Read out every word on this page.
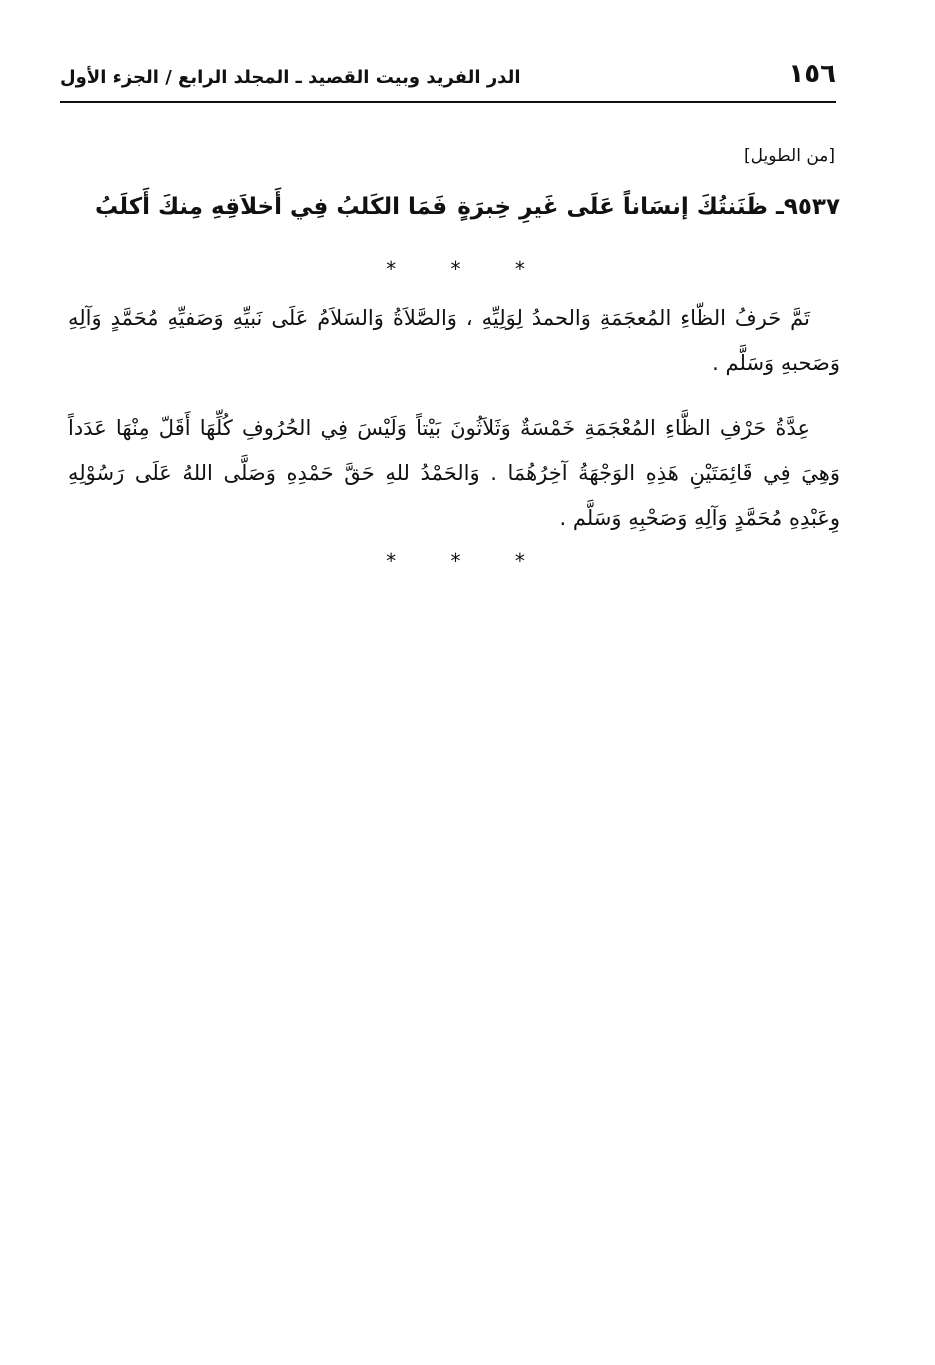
١٥٦
الدر الفريد وبيت القصيد ـ المجلد الرابع / الجزء الأول
[من الطويل]
٩٥٣٧ـ ظَنَنتُكَ إنسَاناً عَلَى غَيرِ خِبرَةٍ
فَمَا الكَلبُ فِي أَخلاَقِهِ مِنكَ أَكلَبُ
* * *
تَمَّ حَرفُ الظّاءِ المُعجَمَةِ وَالحمدُ لِوَلِيِّهِ ، وَالصَّلاَةُ وَالسَلاَمُ عَلَى نَبيِّهِ وَصَفيِّهِ مُحَمَّدٍ وَآلِهِ وَصَحبهِ وَسَلَّم .
عِدَّةُ حَرْفِ الظَّاءِ المُعْجَمَةِ خَمْسَةٌ وَثَلاَثُونَ بَيْتاً وَلَيْسَ فِي الحُرُوفِ كُلِّهَا أَقَلّ مِنْهَا عَدَداً وَهِيَ فِي قَائِمَتَيْنِ هَذِهِ الوَجْهَةُ آخِرُهُمَا . وَالحَمْدُ للهِ حَقَّ حَمْدِهِ وَصَلَّى اللهُ عَلَى رَسُوْلِهِ وِعَبْدِهِ مُحَمَّدٍ وَآلِهِ وَصَحْبِهِ وَسَلَّم .
* * *
